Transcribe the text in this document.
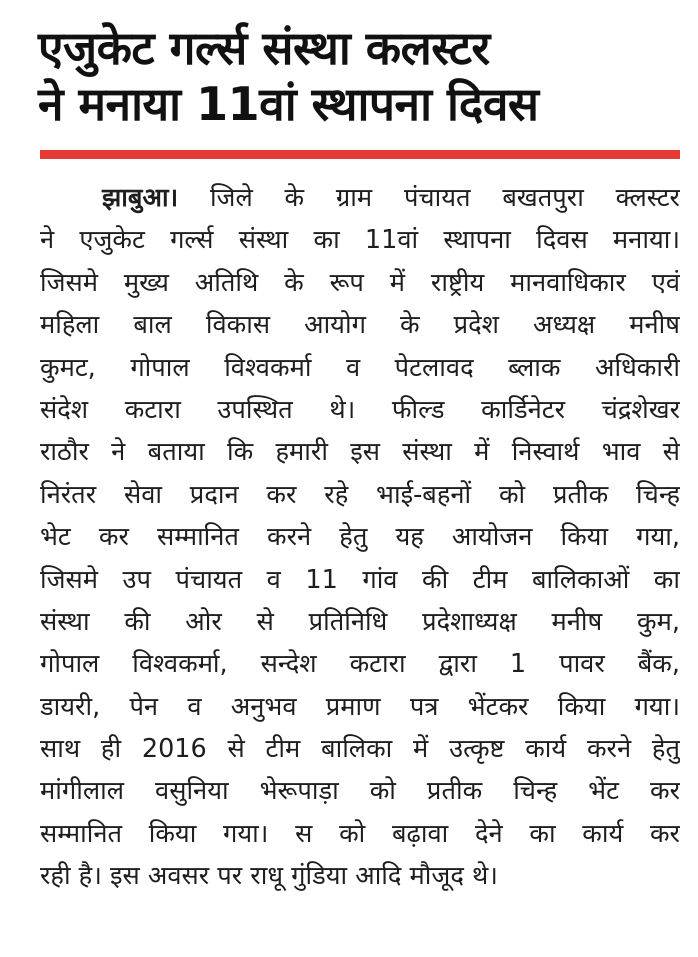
एजुकेट गर्ल्स संस्था कलस्टर
ने मनाया 11वां स्थापना दिवस
झाबुआ। जिले के ग्राम पंचायत बखतपुरा क्लस्टर
ने एजुकेट गर्ल्स संस्था का 11वां स्थापना दिवस मनाया।
जिसमे मुख्य अतिथि के रूप में राष्ट्रीय मानवाधिकार एवं
महिला बाल विकास आयोग के प्रदेश अध्यक्ष मनीष
कुमट, गोपाल विश्वकर्मा व पेटलावद ब्लाक अधिकारी
संदेश कटारा उपस्थित थे। फील्ड कार्डिनेटर चंद्रशेखर
राठौर ने बताया कि हमारी इस संस्था में निस्वार्थ भाव से
निरंतर सेवा प्रदान कर रहे भाई-बहनों को प्रतीक चिन्ह
भेट कर सम्मानित करने हेतु यह आयोजन किया गया,
जिसमे उप पंचायत व 11 गांव की टीम बालिकाओं का
संस्था की ओर से प्रतिनिधि प्रदेशाध्यक्ष मनीष कुम,
गोपाल विश्वकर्मा, सन्देश कटारा द्वारा 1 पावर बैंक,
डायरी, पेन व अनुभव प्रमाण पत्र भेंटकर किया गया।
साथ ही 2016 से टीम बालिका में उत्कृष्ट कार्य करने हेतु
मांगीलाल वसुनिया भेरूपाड़ा को प्रतीक चिन्ह भेंट कर
सम्मानित किया गया। स को बढ़ावा देने का कार्य कर
रही है। इस अवसर पर राधू गुंडिया आदि मौजूद थे।
